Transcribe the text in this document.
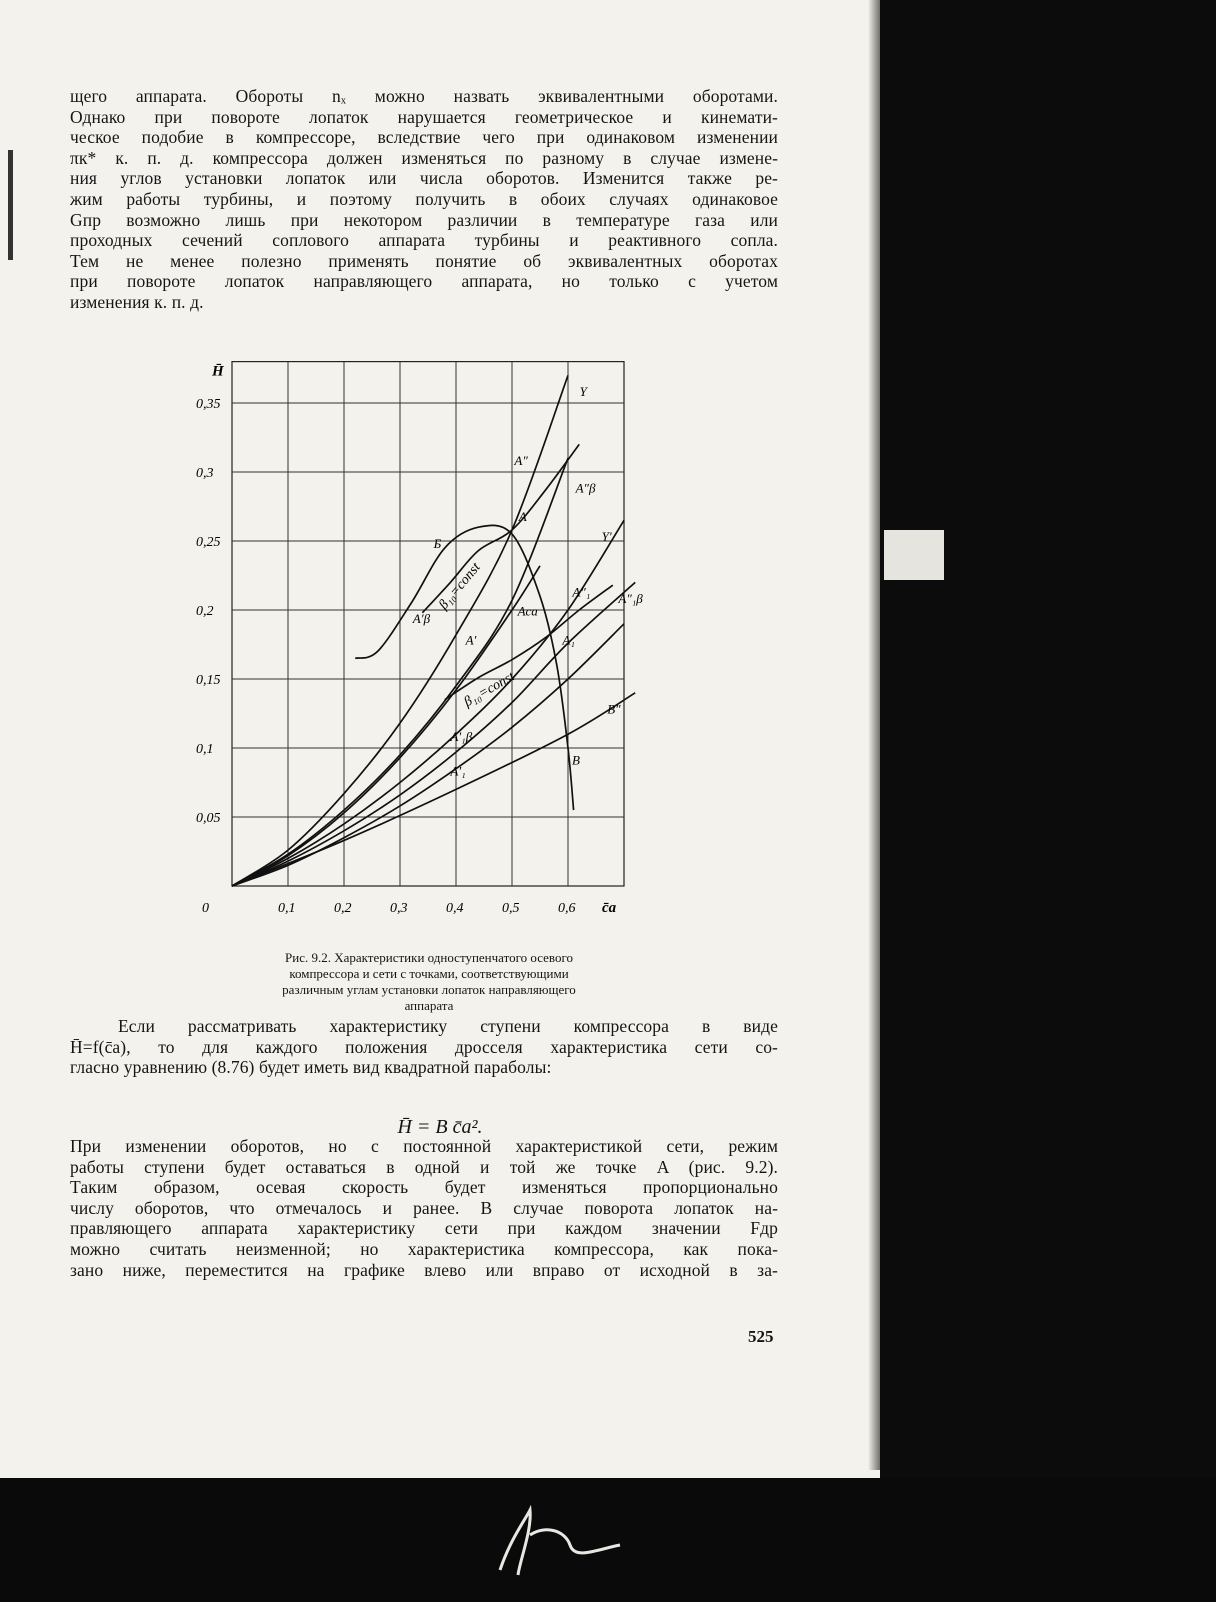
щего аппарата. Обороты nₓ можно назвать эквивалентными оборотами.
Однако при повороте лопаток нарушается геометрическое и кинемати-
ческое подобие в компрессоре, вследствие чего при одинаковом изменении
πк* к. п. д. компрессора должен изменяться по разному в случае измене-
ния углов установки лопаток или числа оборотов. Изменится также ре-
жим работы турбины, и поэтому получить в обоих случаях одинаковое
Gпр возможно лишь при некотором различии в температуре газа или
проходных сечений соплового аппарата турбины и реактивного сопла.
Тем не менее полезно применять понятие об эквивалентных оборотах
при повороте лопаток направляющего аппарата, но только с учетом
изменения к. п. д.
H̄
c̄a
0	0,1	0,2	0,3	0,4	0,5	0,6
0,05
0,1
0,15
0,2
0,25
0,3
0,35
Y
A″
A″β
A
Б
β₁₀=const
A′β
A′
Aсa
Y′
A″₁ A″₁β
A₁
β₁₀=const
A′₁β
A′₁
B
B″
Рис. 9.2. Характеристики одноступенчатого осевого
компрессора и сети с точками, соответствующими
различным углам установки лопаток направляющего
аппарата
Если рассматривать характеристику ступени компрессора в виде
H̄=f(c̄a), то для каждого положения дросселя характеристика сети со-
гласно уравнению (8.76) будет иметь вид квадратной параболы:
H̄ = B c̄a².
При изменении оборотов, но с постоянной характеристикой сети, режим
работы ступени будет оставаться в одной и той же точке A (рис. 9.2).
Таким образом, осевая скорость будет изменяться пропорционально
числу оборотов, что отмечалось и ранее. В случае поворота лопаток на-
правляющего аппарата характеристику сети при каждом значении Fдр
можно считать неизменной; но характеристика компрессора, как пока-
зано ниже, переместится на графике влево или вправо от исходной в за-
525
